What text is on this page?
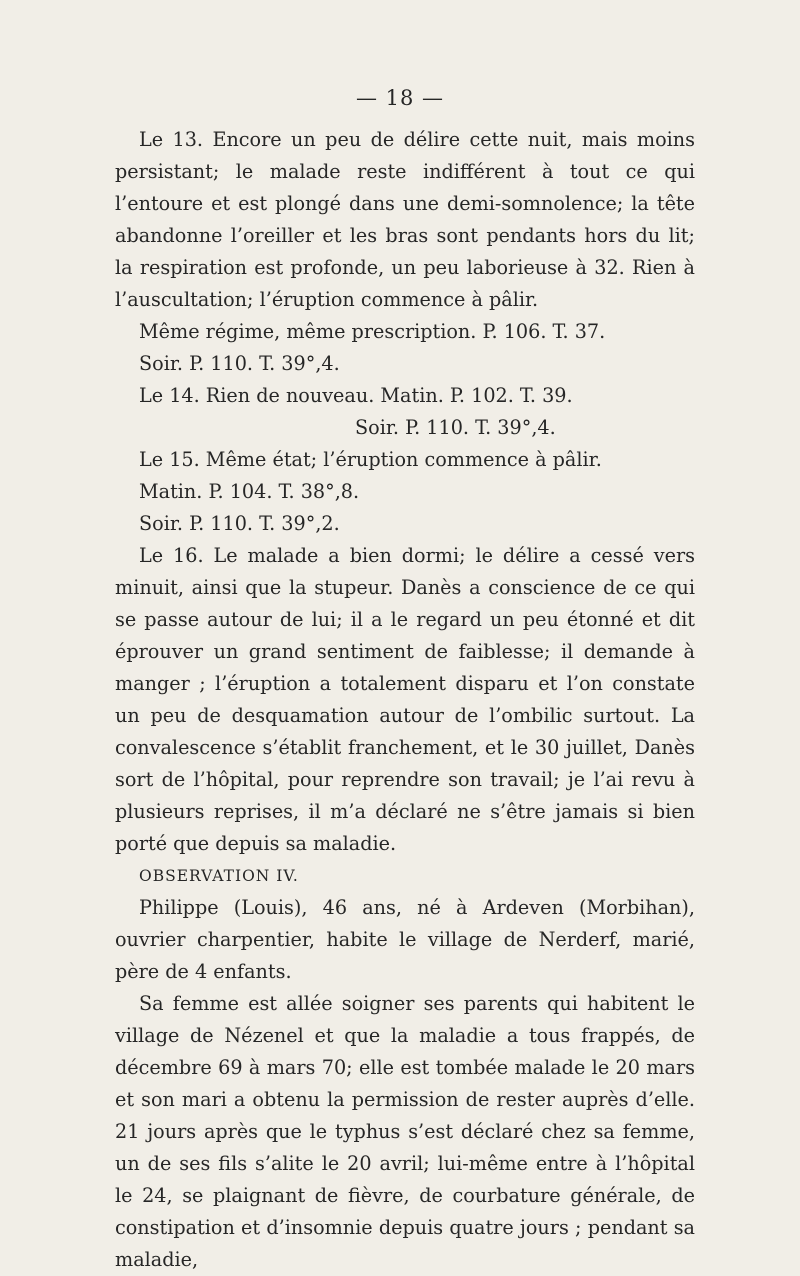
— 18 —

Le 13. Encore un peu de délire cette nuit, mais moins persistant; le malade reste indifférent à tout ce qui l’entoure et est plongé dans une demi-somnolence; la tête abandonne l’oreiller et les bras sont pendants hors du lit; la respiration est profonde, un peu laborieuse à 32. Rien à l’auscultation; l’éruption commence à pâlir.

Même régime, même prescription. P. 106. T. 37.

Soir. P. 110. T. 39°,4.

Le 14. Rien de nouveau. Matin. P. 102. T. 39.

Soir. P. 110. T. 39°,4.

Le 15. Même état; l’éruption commence à pâlir.

Matin. P. 104. T. 38°,8.

Soir. P. 110. T. 39°,2.

Le 16. Le malade a bien dormi; le délire a cessé vers minuit, ainsi que la stupeur. Danès a conscience de ce qui se passe autour de lui; il a le regard un peu étonné et dit éprouver un grand sentiment de faiblesse; il demande à manger ; l’éruption a totalement disparu et l’on constate un peu de desquamation autour de l’ombilic surtout. La convalescence s’établit franchement, et le 30 juillet, Danès sort de l’hôpital, pour reprendre son travail; je l’ai revu à plusieurs reprises, il m’a déclaré ne s’être jamais si bien porté que depuis sa maladie.

OBSERVATION IV.

Philippe (Louis), 46 ans, né à Ardeven (Morbihan), ouvrier charpentier, habite le village de Nerderf, marié, père de 4 enfants.

Sa femme est allée soigner ses parents qui habitent le village de Nézenel et que la maladie a tous frappés, de décembre 69 à mars 70; elle est tombée malade le 20 mars et son mari a obtenu la permission de rester auprès d’elle. 21 jours après que le typhus s’est déclaré chez sa femme, un de ses fils s’alite le 20 avril; lui-même entre à l’hôpital le 24, se plaignant de fièvre, de courbature générale, de constipation et d’insomnie depuis quatre jours ; pendant sa maladie,
